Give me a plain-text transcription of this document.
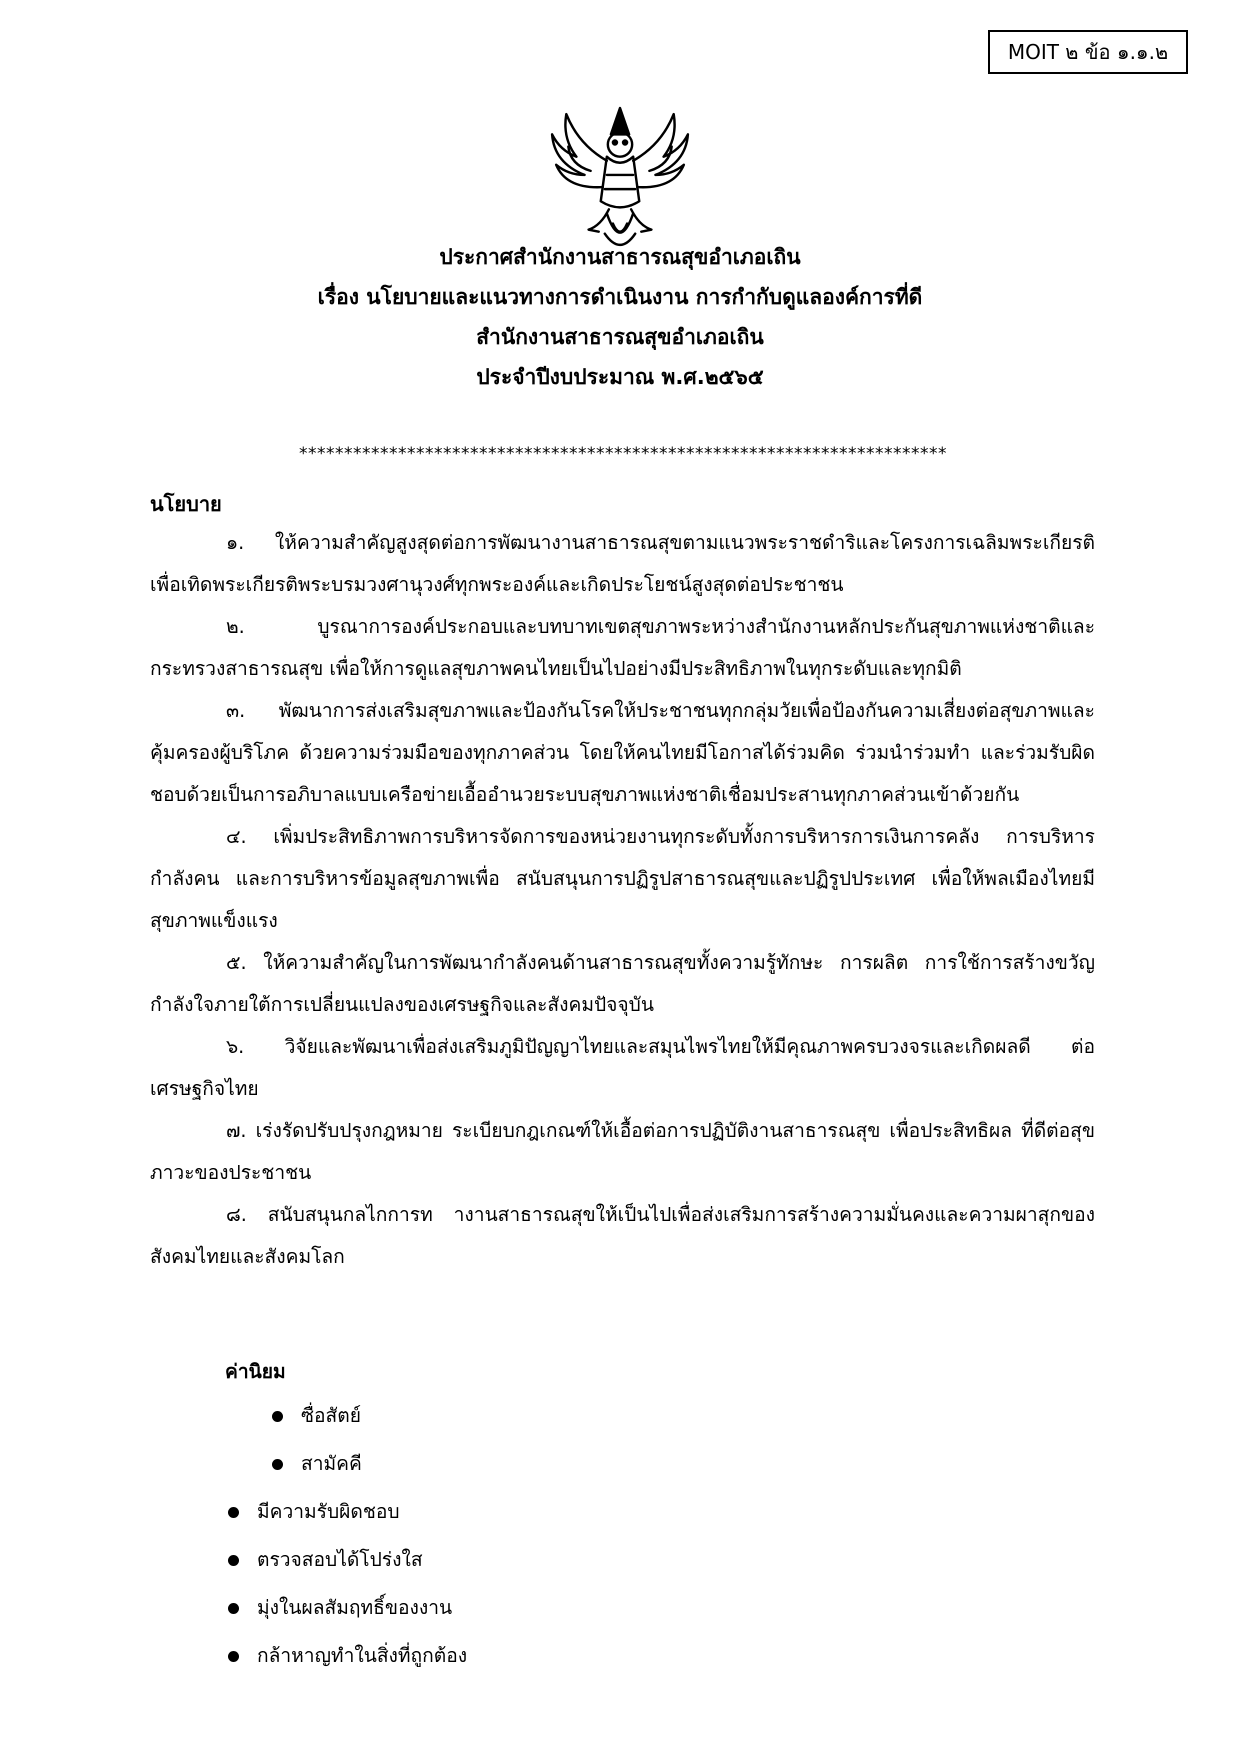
MOIT ๒ ข้อ ๑.๑.๒
ประกาศสำนักงานสาธารณสุขอำเภอเถิน
เรื่อง นโยบายและแนวทางการดำเนินงาน การกำกับดูแลองค์การที่ดี
สำนักงานสาธารณสุขอำเภอเถิน
ประจำปีงบประมาณ พ.ศ.๒๕๖๕
************************************************************************
นโยบาย

๑. ให้ความสำคัญสูงสุดต่อการพัฒนางานสาธารณสุขตามแนวพระราชดำริและโครงการเฉลิมพระเกียรติ เพื่อเทิดพระเกียรติพระบรมวงศานุวงศ์ทุกพระองค์และเกิดประโยชน์สูงสุดต่อประชาชน

๒. บูรณาการองค์ประกอบและบทบาทเขตสุขภาพระหว่างสำนักงานหลักประกันสุขภาพแห่งชาติและกระทรวงสาธารณสุข เพื่อให้การดูแลสุขภาพคนไทยเป็นไปอย่างมีประสิทธิภาพในทุกระดับและทุกมิติ

๓. พัฒนาการส่งเสริมสุขภาพและป้องกันโรคให้ประชาชนทุกกลุ่มวัยเพื่อป้องกันความเสี่ยงต่อสุขภาพและคุ้มครองผู้บริโภค ด้วยความร่วมมือของทุกภาคส่วน โดยให้คนไทยมีโอกาสได้ร่วมคิด ร่วมนำร่วมทำ และร่วมรับผิดชอบด้วยเป็นการอภิบาลแบบเครือข่ายเอื้ออำนวยระบบสุขภาพแห่งชาติเชื่อมประสานทุกภาคส่วนเข้าด้วยกัน

๔. เพิ่มประสิทธิภาพการบริหารจัดการของหน่วยงานทุกระดับทั้งการบริหารการเงินการคลัง การบริหารกำลังคน และการบริหารข้อมูลสุขภาพเพื่อ สนับสนุนการปฏิรูปสาธารณสุขและปฏิรูปประเทศ เพื่อให้พลเมืองไทยมีสุขภาพแข็งแรง

๕. ให้ความสำคัญในการพัฒนากำลังคนด้านสาธารณสุขทั้งความรู้ทักษะ การผลิต การใช้การสร้างขวัญกำลังใจภายใต้การเปลี่ยนแปลงของเศรษฐกิจและสังคมปัจจุบัน

๖. วิจัยและพัฒนาเพื่อส่งเสริมภูมิปัญญาไทยและสมุนไพรไทยให้มีคุณภาพครบวงจรและเกิดผลดี ต่อเศรษฐกิจไทย

๗. เร่งรัดปรับปรุงกฎหมาย ระเบียบกฎเกณฑ์ให้เอื้อต่อการปฏิบัติงานสาธารณสุข เพื่อประสิทธิผล ที่ดีต่อสุขภาวะของประชาชน

๘. สนับสนุนกลไกการท างานสาธารณสุขให้เป็นไปเพื่อส่งเสริมการสร้างความมั่นคงและความผาสุกของสังคมไทยและสังคมโลก

ค่านิยม
ซื่อสัตย์
สามัคคี
มีความรับผิดชอบ
ตรวจสอบได้โปร่งใส
มุ่งในผลสัมฤทธิ์ของงาน
กล้าหาญทำในสิ่งที่ถูกต้อง
